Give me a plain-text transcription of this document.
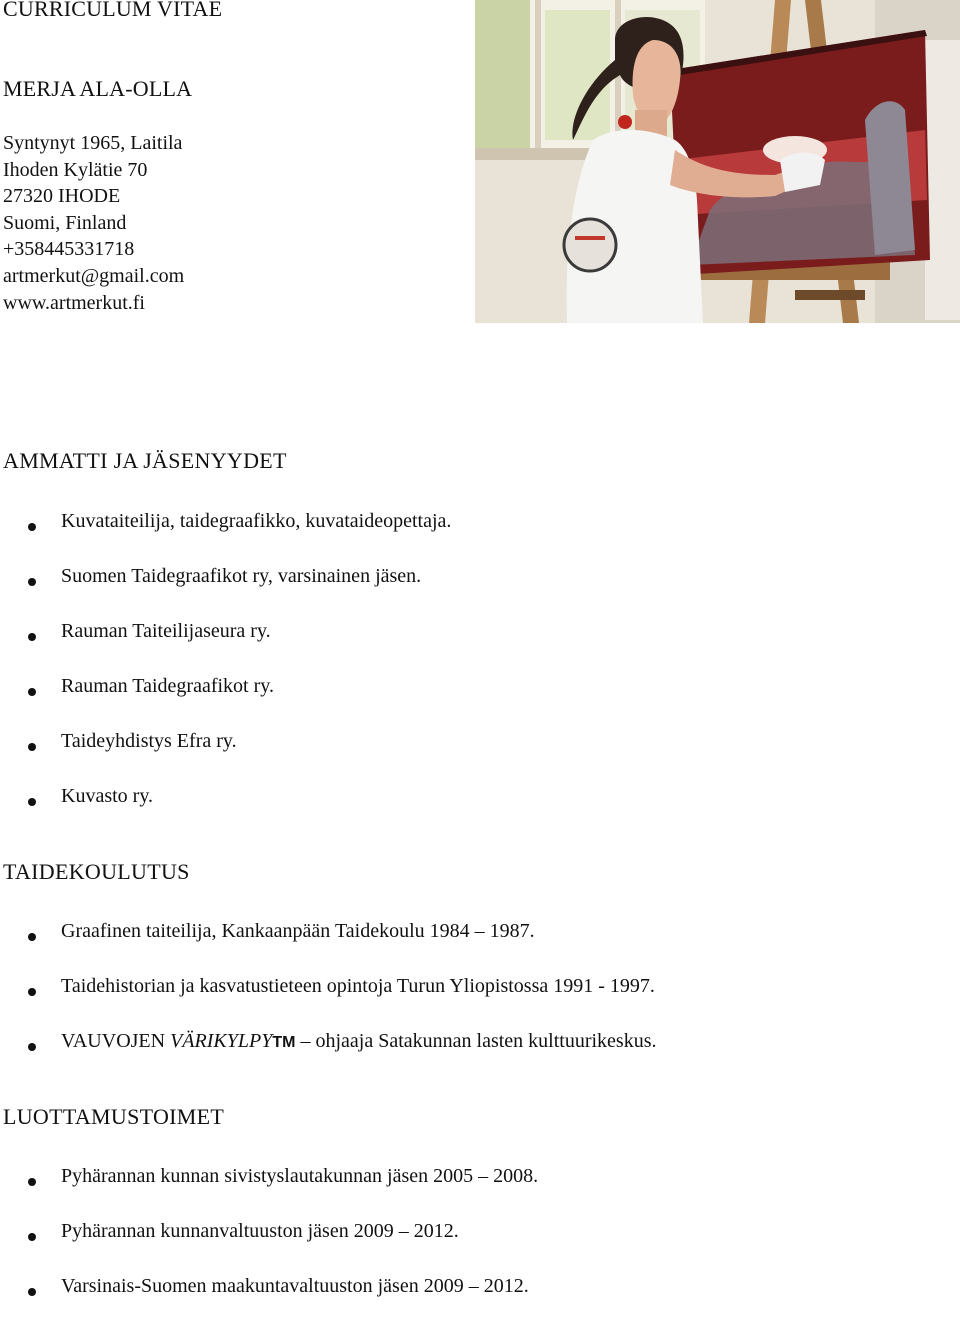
CURRICULUM VITAE
MERJA ALA-OLLA
Syntynyt 1965, Laitila
Ihoden Kylätie 70
27320 IHODE
Suomi, Finland
+358445331718
artmerkut@gmail.com
www.artmerkut.fi
AMMATTI JA JÄSENYYDET
Kuvataiteilija, taidegraafikko, kuvataideopettaja.
Suomen Taidegraafikot ry, varsinainen jäsen.
Rauman Taiteilijaseura ry.
Rauman Taidegraafikot ry.
Taideyhdistys Efra ry.
Kuvasto ry.
TAIDEKOULUTUS
Graafinen taiteilija, Kankaanpään Taidekoulu 1984 – 1987.
Taidehistorian ja kasvatustieteen opintoja Turun Yliopistossa 1991 - 1997.
VAUVOJEN VÄRIKYLPYTM – ohjaaja Satakunnan lasten kulttuurikeskus.
LUOTTAMUSTOIMET
Pyhärannan kunnan sivistyslautakunnan jäsen 2005 – 2008.
Pyhärannan kunnanvaltuuston jäsen 2009 – 2012.
Varsinais-Suomen maakuntavaltuuston jäsen 2009 – 2012.
